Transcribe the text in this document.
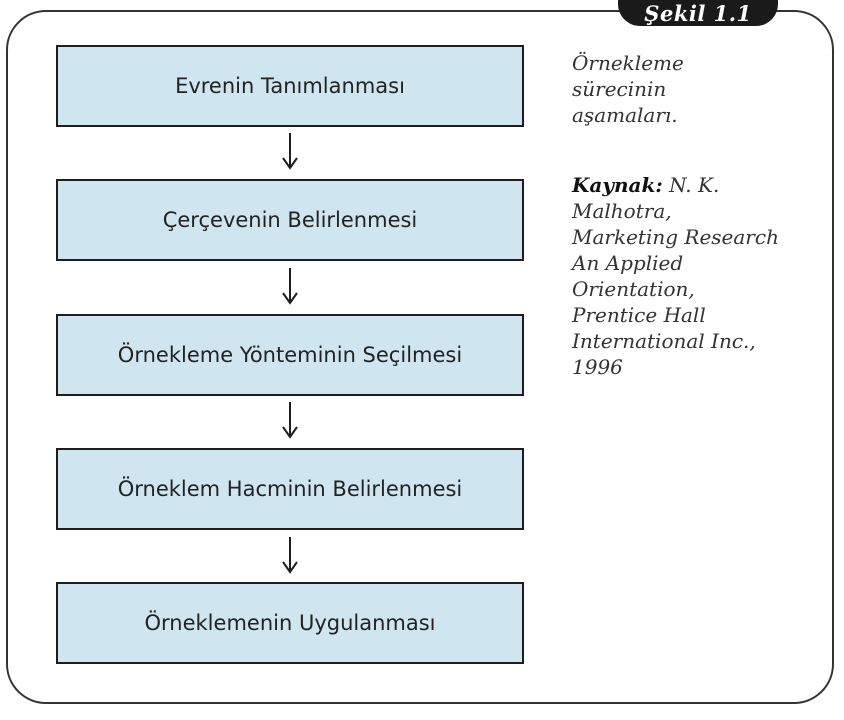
Şekil 1.1
Evrenin Tanımlanması
Çerçevenin Belirlenmesi
Örnekleme Yönteminin Seçilmesi
Örneklem Hacminin Belirlenmesi
Örneklemenin Uygulanması

Örnekleme
sürecinin
aşamaları.

Kaynak: N. K.
Malhotra,
Marketing Research
An Applied
Orientation,
Prentice Hall
International Inc.,
1996
